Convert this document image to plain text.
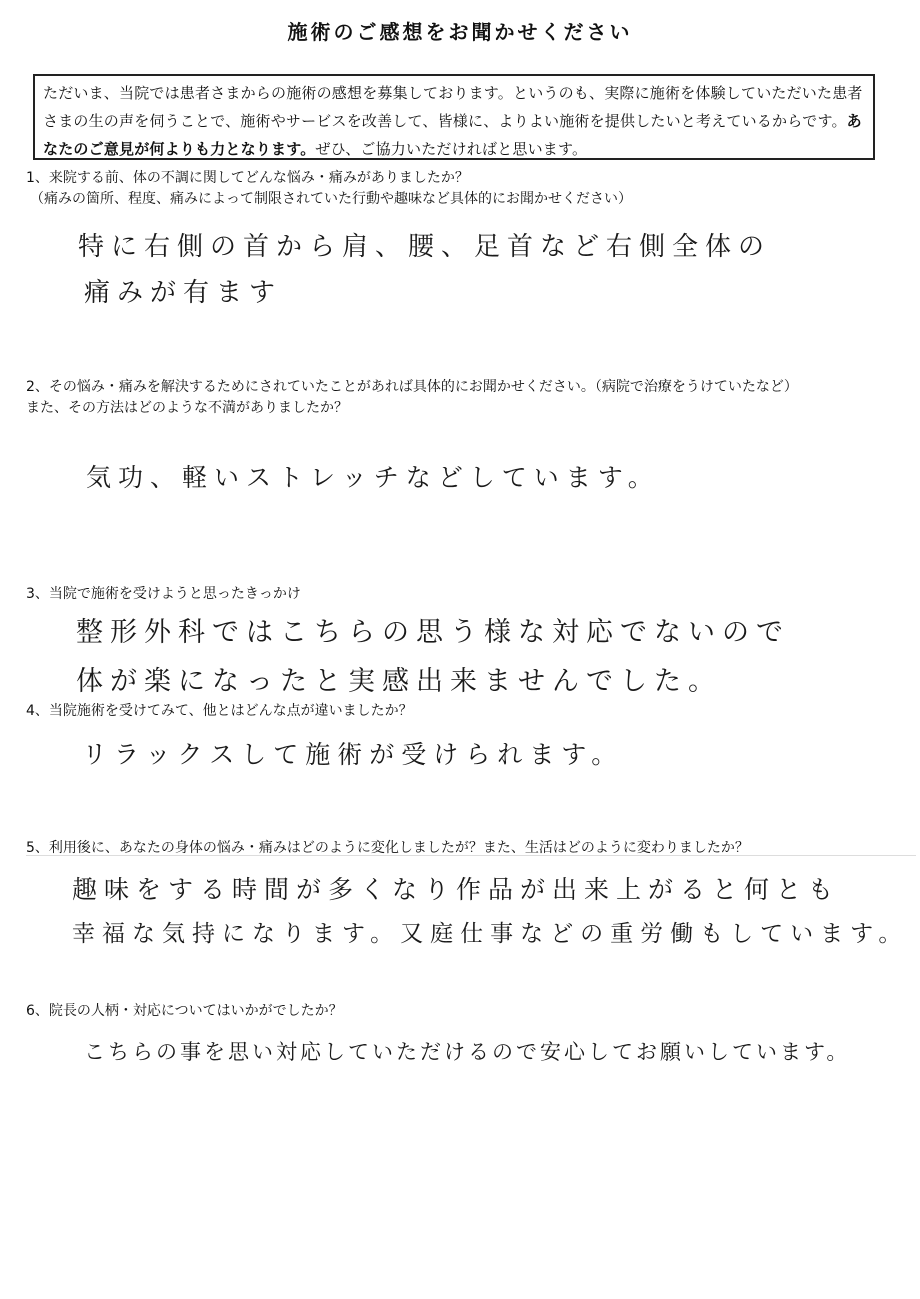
施術のご感想をお聞かせください
ただいま、当院では患者さまからの施術の感想を募集しております。というのも、実際に施術を体験していただいた患者さまの生の声を伺うことで、施術やサービスを改善して、皆様に、よりよい施術を提供したいと考えているからです。あなたのご意見が何よりも力となります。ぜひ、ご協力いただければと思います。
1、来院する前、体の不調に関してどんな悩み・痛みがありましたか？
（痛みの箇所、程度、痛みによって制限されていた行動や趣味など具体的にお聞かせください）
特に右側の首から肩、腰、足首など右側全体の
痛みが有ます
2、その悩み・痛みを解決するためにされていたことがあれば具体的にお聞かせください。（病院で治療をうけていたなど）
また、その方法はどのような不満がありましたか？
気功、軽いストレッチなどしています。
3、当院で施術を受けようと思ったきっかけ
整形外科ではこちらの思う様な対応でないので
体が楽になったと実感出来ませんでした。
4、当院施術を受けてみて、他とはどんな点が違いましたか？
リラックスして施術が受けられます。
5、利用後に、あなたの身体の悩み・痛みはどのように変化しましたが？また、生活はどのように変わりましたか？
趣味をする時間が多くなり作品が出来上がると何とも
幸福な気持になります。又庭仕事などの重労働もしています。
6、院長の人柄・対応についてはいかがでしたか？
こちらの事を思い対応していただけるので安心してお願いしています。
